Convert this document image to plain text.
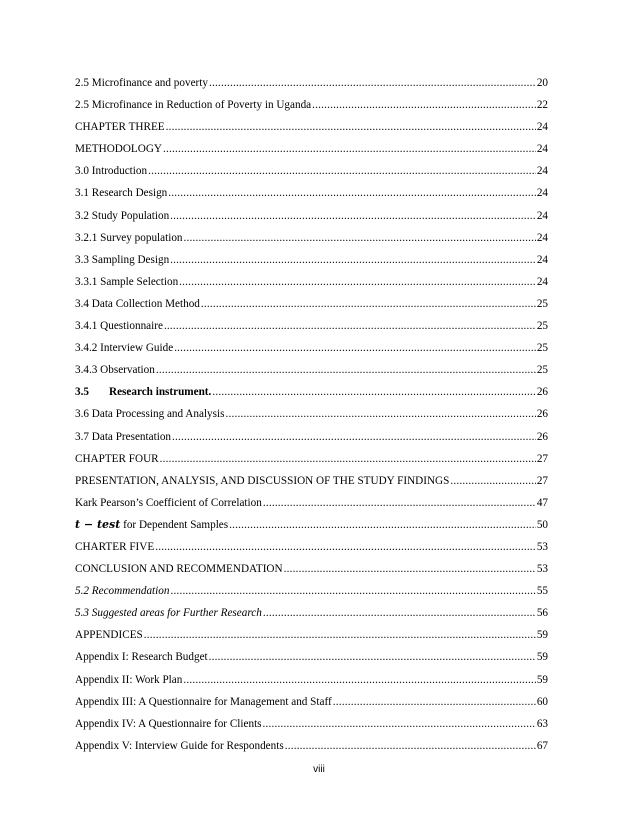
2.5 Microfinance and poverty .....	20
2.5 Microfinance in Reduction of Poverty in Uganda .....	22
CHAPTER THREE .....	24
METHODOLOGY .....	24
3.0 Introduction .....	24
3.1 Research Design .....	24
3.2 Study Population .....	24
3.2.1 Survey population .....	24
3.3 Sampling Design .....	24
3.3.1 Sample Selection .....	24
3.4 Data Collection Method .....	25
3.4.1 Questionnaire .....	25
3.4.2 Interview Guide .....	25
3.4.3 Observation .....	25
3.5 Research instrument. .....	26
3.6 Data Processing and Analysis .....	26
3.7 Data Presentation .....	26
CHAPTER FOUR .....	27
PRESENTATION, ANALYSIS, AND DISCUSSION OF THE STUDY FINDINGS .....	27
Kark Pearson’s Coefficient of Correlation .....	47
t − test for Dependent Samples .....	50
CHARTER FIVE .....	53
CONCLUSION AND RECOMMENDATION .....	53
5.2 Recommendation .....	55
5.3 Suggested areas for Further Research .....	56
APPENDICES .....	59
Appendix I: Research Budget .....	59
Appendix II: Work Plan .....	59
Appendix III: A Questionnaire for Management and Staff .....	60
Appendix IV: A Questionnaire for Clients .....	63
Appendix V: Interview Guide for Respondents .....	67
viii
